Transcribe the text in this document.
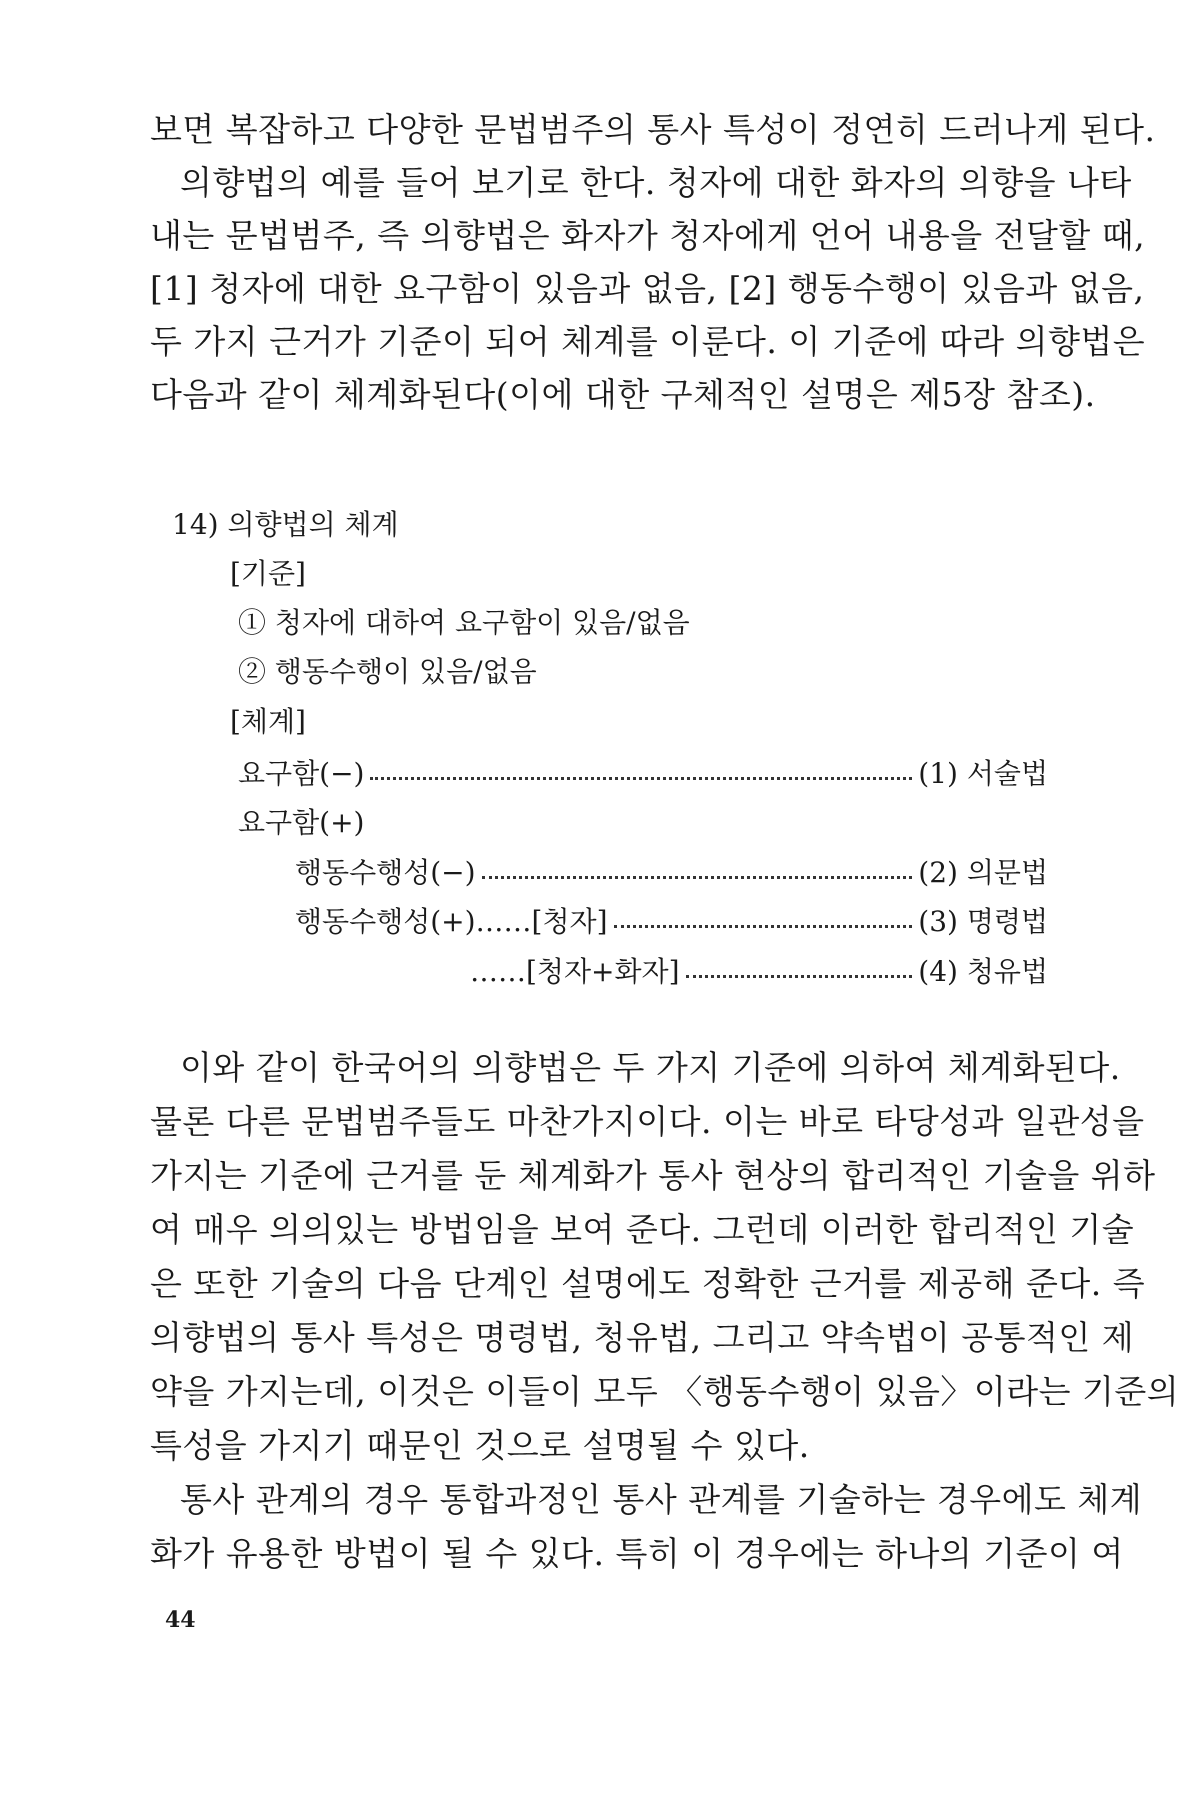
보면 복잡하고 다양한 문법범주의 통사 특성이 정연히 드러나게 된다.
의향법의 예를 들어 보기로 한다. 청자에 대한 화자의 의향을 나타
내는 문법범주, 즉 의향법은 화자가 청자에게 언어 내용을 전달할 때,
[1] 청자에 대한 요구함이 있음과 없음, [2] 행동수행이 있음과 없음,
두 가지 근거가 기준이 되어 체계를 이룬다. 이 기준에 따라 의향법은
다음과 같이 체계화된다(이에 대한 구체적인 설명은 제5장 참조).
14) 의향법의 체계
[기준]
① 청자에 대하여 요구함이 있음/없음
② 행동수행이 있음/없음
[체계]
요구함(−)	(1) 서술법
요구함(+)
행동수행성(−)	(2) 의문법
행동수행성(+)……[청자]	(3) 명령법
……[청자+화자]	(4) 청유법
이와 같이 한국어의 의향법은 두 가지 기준에 의하여 체계화된다.
물론 다른 문법범주들도 마찬가지이다. 이는 바로 타당성과 일관성을
가지는 기준에 근거를 둔 체계화가 통사 현상의 합리적인 기술을 위하
여 매우 의의있는 방법임을 보여 준다. 그런데 이러한 합리적인 기술
은 또한 기술의 다음 단계인 설명에도 정확한 근거를 제공해 준다. 즉
의향법의 통사 특성은 명령법, 청유법, 그리고 약속법이 공통적인 제
약을 가지는데, 이것은 이들이 모두 〈행동수행이 있음〉이라는 기준의
특성을 가지기 때문인 것으로 설명될 수 있다.
통사 관계의 경우 통합과정인 통사 관계를 기술하는 경우에도 체계
화가 유용한 방법이 될 수 있다. 특히 이 경우에는 하나의 기준이 여
44
